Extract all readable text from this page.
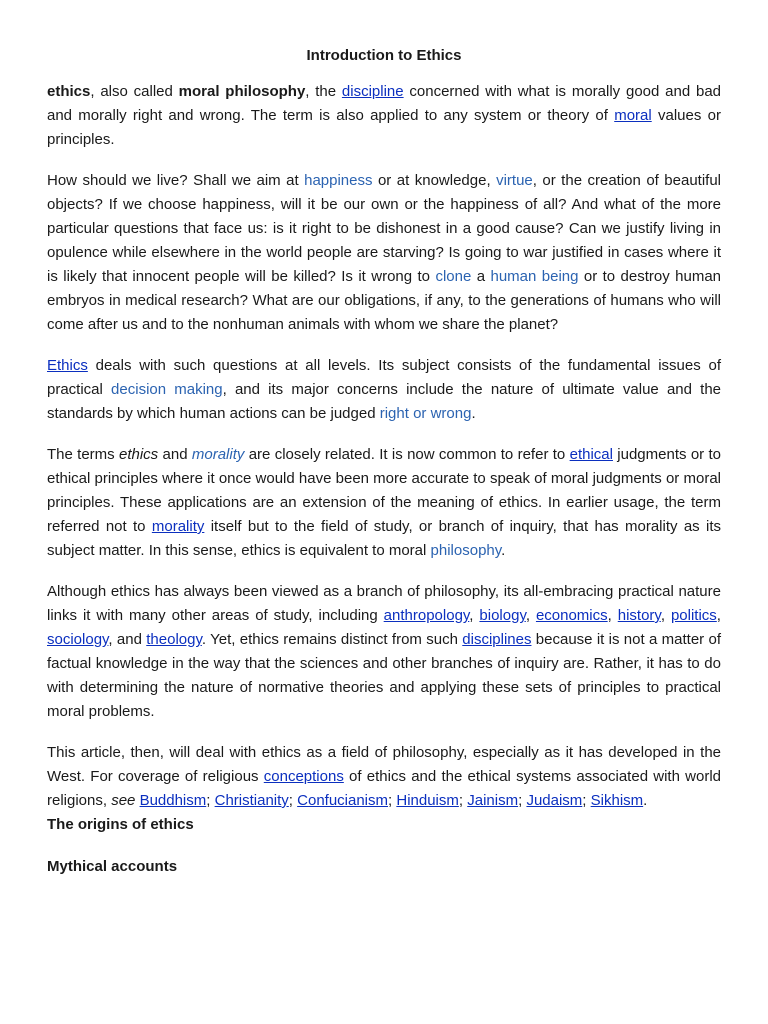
Introduction to Ethics

ethics, also called moral philosophy, the discipline concerned with what is morally good and bad and morally right and wrong. The term is also applied to any system or theory of moral values or principles.

How should we live? Shall we aim at happiness or at knowledge, virtue, or the creation of beautiful objects? If we choose happiness, will it be our own or the happiness of all? And what of the more particular questions that face us: is it right to be dishonest in a good cause? Can we justify living in opulence while elsewhere in the world people are starving? Is going to war justified in cases where it is likely that innocent people will be killed? Is it wrong to clone a human being or to destroy human embryos in medical research? What are our obligations, if any, to the generations of humans who will come after us and to the nonhuman animals with whom we share the planet?

Ethics deals with such questions at all levels. Its subject consists of the fundamental issues of practical decision making, and its major concerns include the nature of ultimate value and the standards by which human actions can be judged right or wrong.

The terms ethics and morality are closely related. It is now common to refer to ethical judgments or to ethical principles where it once would have been more accurate to speak of moral judgments or moral principles. These applications are an extension of the meaning of ethics. In earlier usage, the term referred not to morality itself but to the field of study, or branch of inquiry, that has morality as its subject matter. In this sense, ethics is equivalent to moral philosophy.

Although ethics has always been viewed as a branch of philosophy, its all-embracing practical nature links it with many other areas of study, including anthropology, biology, economics, history, politics, sociology, and theology. Yet, ethics remains distinct from such disciplines because it is not a matter of factual knowledge in the way that the sciences and other branches of inquiry are. Rather, it has to do with determining the nature of normative theories and applying these sets of principles to practical moral problems.

This article, then, will deal with ethics as a field of philosophy, especially as it has developed in the West. For coverage of religious conceptions of ethics and the ethical systems associated with world religions, see Buddhism; Christianity; Confucianism; Hinduism; Jainism; Judaism; Sikhism.

The origins of ethics
Mythical accounts
